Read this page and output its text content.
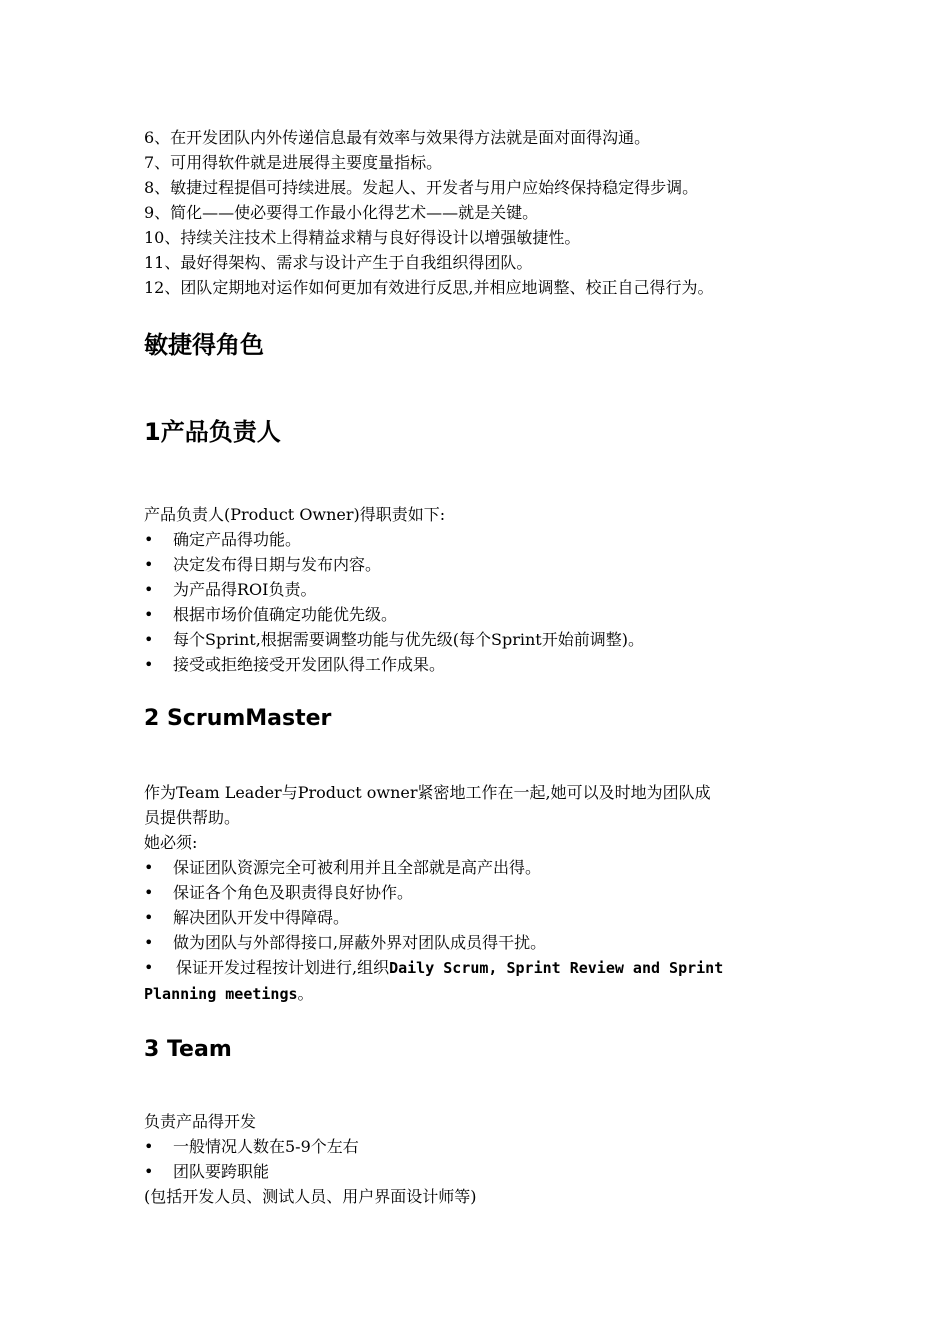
6、在开发团队内外传递信息最有效率与效果得方法就是面对面得沟通。
7、可用得软件就是进展得主要度量指标。
8、敏捷过程提倡可持续进展。发起人、开发者与用户应始终保持稳定得步调。
9、简化——使必要得工作最小化得艺术——就是关键。
10、持续关注技术上得精益求精与良好得设计以增强敏捷性。
11、最好得架构、需求与设计产生于自我组织得团队。
12、团队定期地对运作如何更加有效进行反思,并相应地调整、校正自己得行为。
敏捷得角色
1产品负责人
产品负责人(Product Owner)得职责如下:
•	确定产品得功能。
•	决定发布得日期与发布内容。
•	为产品得ROI负责。
•	根据市场价值确定功能优先级。
•	每个Sprint,根据需要调整功能与优先级(每个Sprint开始前调整)。
•	接受或拒绝接受开发团队得工作成果。
2 ScrumMaster
作为Team Leader与Product owner紧密地工作在一起,她可以及时地为团队成
员提供帮助。
她必须:
•	保证团队资源完全可被利用并且全部就是高产出得。
•	保证各个角色及职责得良好协作。
•	解决团队开发中得障碍。
•	做为团队与外部得接口,屏蔽外界对团队成员得干扰。
• 保证开发过程按计划进行,组织Daily Scrum, Sprint Review and Sprint
Planning meetings。
3 Team
负责产品得开发
•	一般情况人数在5-9个左右
•	团队要跨职能
(包括开发人员、测试人员、用户界面设计师等)
